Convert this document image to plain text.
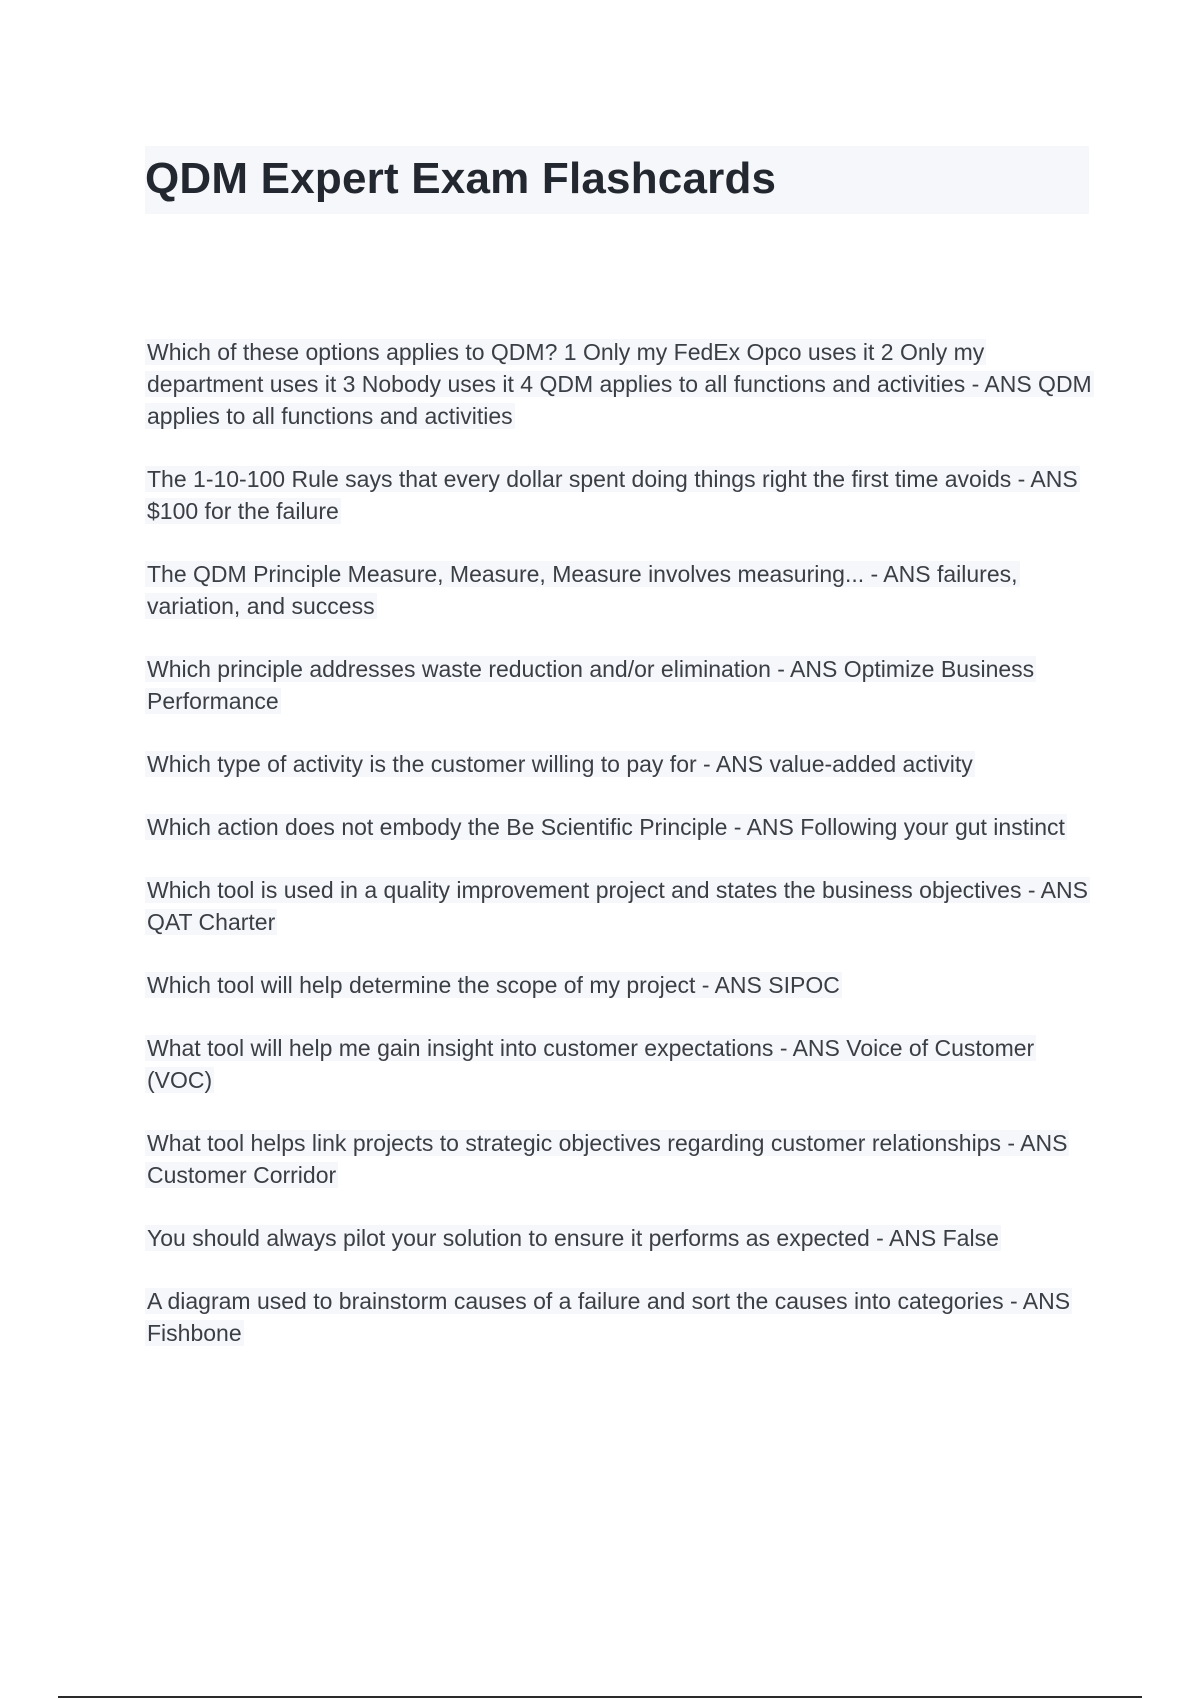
QDM Expert Exam Flashcards

Which of these options applies to QDM? 1 Only my FedEx Opco uses it 2 Only my department uses it 3 Nobody uses it 4 QDM applies to all functions and activities - ANS QDM applies to all functions and activities

The 1-10-100 Rule says that every dollar spent doing things right the first time avoids - ANS $100 for the failure

The QDM Principle Measure, Measure, Measure involves measuring... - ANS failures, variation, and success

Which principle addresses waste reduction and/or elimination - ANS Optimize Business Performance

Which type of activity is the customer willing to pay for - ANS value-added activity

Which action does not embody the Be Scientific Principle - ANS Following your gut instinct

Which tool is used in a quality improvement project and states the business objectives - ANS QAT Charter

Which tool will help determine the scope of my project - ANS SIPOC

What tool will help me gain insight into customer expectations - ANS Voice of Customer (VOC)

What tool helps link projects to strategic objectives regarding customer relationships - ANS Customer Corridor

You should always pilot your solution to ensure it performs as expected - ANS False

A diagram used to brainstorm causes of a failure and sort the causes into categories - ANS Fishbone
